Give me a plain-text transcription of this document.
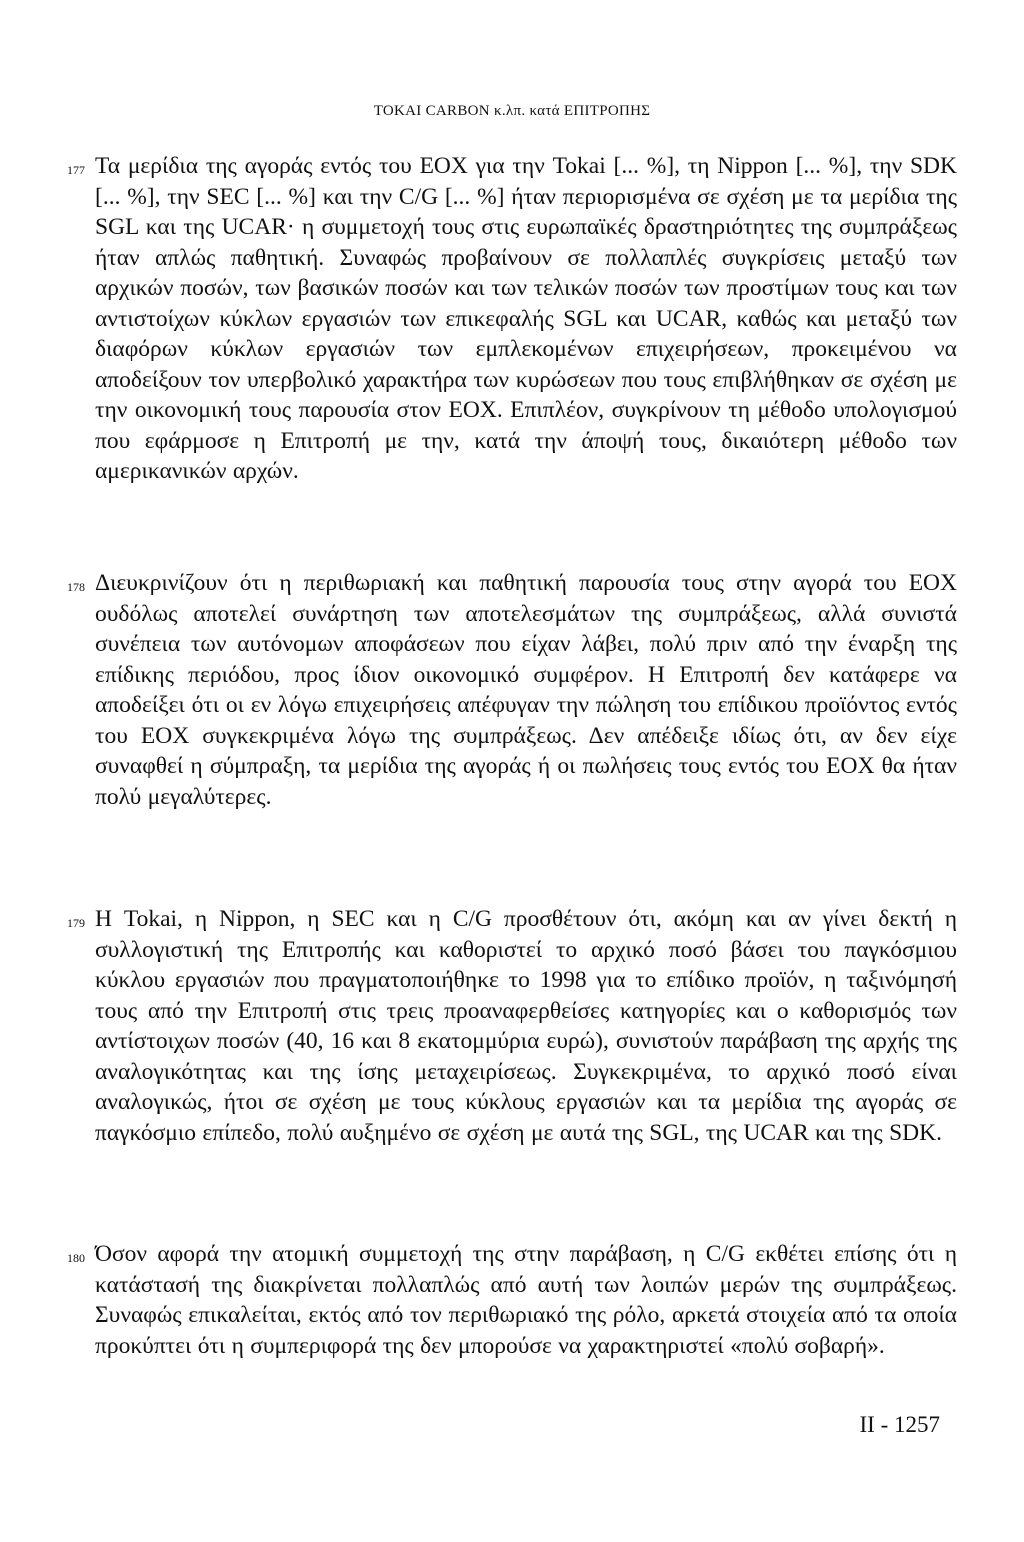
TOKAI CARBON κ.λπ. κατά ΕΠΙΤΡΟΠΗΣ
177 Τα μερίδια της αγοράς εντός του ΕΟΧ για την Tokai [... %], τη Nippon [... %], την SDK [... %], την SEC [... %] και την C/G [... %] ήταν περιορισμένα σε σχέση με τα μερίδια της SGL και της UCAR· η συμμετοχή τους στις ευρωπαϊκές δραστηριότητες της συμπράξεως ήταν απλώς παθητική. Συναφώς προβαίνουν σε πολλαπλές συγκρίσεις μεταξύ των αρχικών ποσών, των βασικών ποσών και των τελικών ποσών των προστίμων τους και των αντιστοίχων κύκλων εργασιών των επικεφαλής SGL και UCAR, καθώς και μεταξύ των διαφόρων κύκλων εργασιών των εμπλεκομένων επιχειρήσεων, προκειμένου να αποδείξουν τον υπερβολικό χαρακτήρα των κυρώσεων που τους επιβλήθηκαν σε σχέση με την οικονομική τους παρουσία στον ΕΟΧ. Επιπλέον, συγκρίνουν τη μέθοδο υπολογισμού που εφάρμοσε η Επιτροπή με την, κατά την άποψή τους, δικαιότερη μέθοδο των αμερικανικών αρχών.
178 Διευκρινίζουν ότι η περιθωριακή και παθητική παρουσία τους στην αγορά του ΕΟΧ ουδόλως αποτελεί συνάρτηση των αποτελεσμάτων της συμπράξεως, αλλά συνιστά συνέπεια των αυτόνομων αποφάσεων που είχαν λάβει, πολύ πριν από την έναρξη της επίδικης περιόδου, προς ίδιον οικονομικό συμφέρον. Η Επιτροπή δεν κατάφερε να αποδείξει ότι οι εν λόγω επιχειρήσεις απέφυγαν την πώληση του επίδικου προϊόντος εντός του ΕΟΧ συγκεκριμένα λόγω της συμπράξεως. Δεν απέδειξε ιδίως ότι, αν δεν είχε συναφθεί η σύμπραξη, τα μερίδια της αγοράς ή οι πωλήσεις τους εντός του ΕΟΧ θα ήταν πολύ μεγαλύτερες.
179 Η Tokai, η Nippon, η SEC και η C/G προσθέτουν ότι, ακόμη και αν γίνει δεκτή η συλλογιστική της Επιτροπής και καθοριστεί το αρχικό ποσό βάσει του παγκόσμιου κύκλου εργασιών που πραγματοποιήθηκε το 1998 για το επίδικο προϊόν, η ταξινόμησή τους από την Επιτροπή στις τρεις προαναφερθείσες κατηγορίες και ο καθορισμός των αντίστοιχων ποσών (40, 16 και 8 εκατομμύρια ευρώ), συνιστούν παράβαση της αρχής της αναλογικότητας και της ίσης μεταχειρίσεως. Συγκεκριμένα, το αρχικό ποσό είναι αναλογικώς, ήτοι σε σχέση με τους κύκλους εργασιών και τα μερίδια της αγοράς σε παγκόσμιο επίπεδο, πολύ αυξημένο σε σχέση με αυτά της SGL, της UCAR και της SDK.
180 Όσον αφορά την ατομική συμμετοχή της στην παράβαση, η C/G εκθέτει επίσης ότι η κατάστασή της διακρίνεται πολλαπλώς από αυτή των λοιπών μερών της συμπράξεως. Συναφώς επικαλείται, εκτός από τον περιθωριακό της ρόλο, αρκετά στοιχεία από τα οποία προκύπτει ότι η συμπεριφορά της δεν μπορούσε να χαρακτηριστεί «πολύ σοβαρή».
II - 1257
